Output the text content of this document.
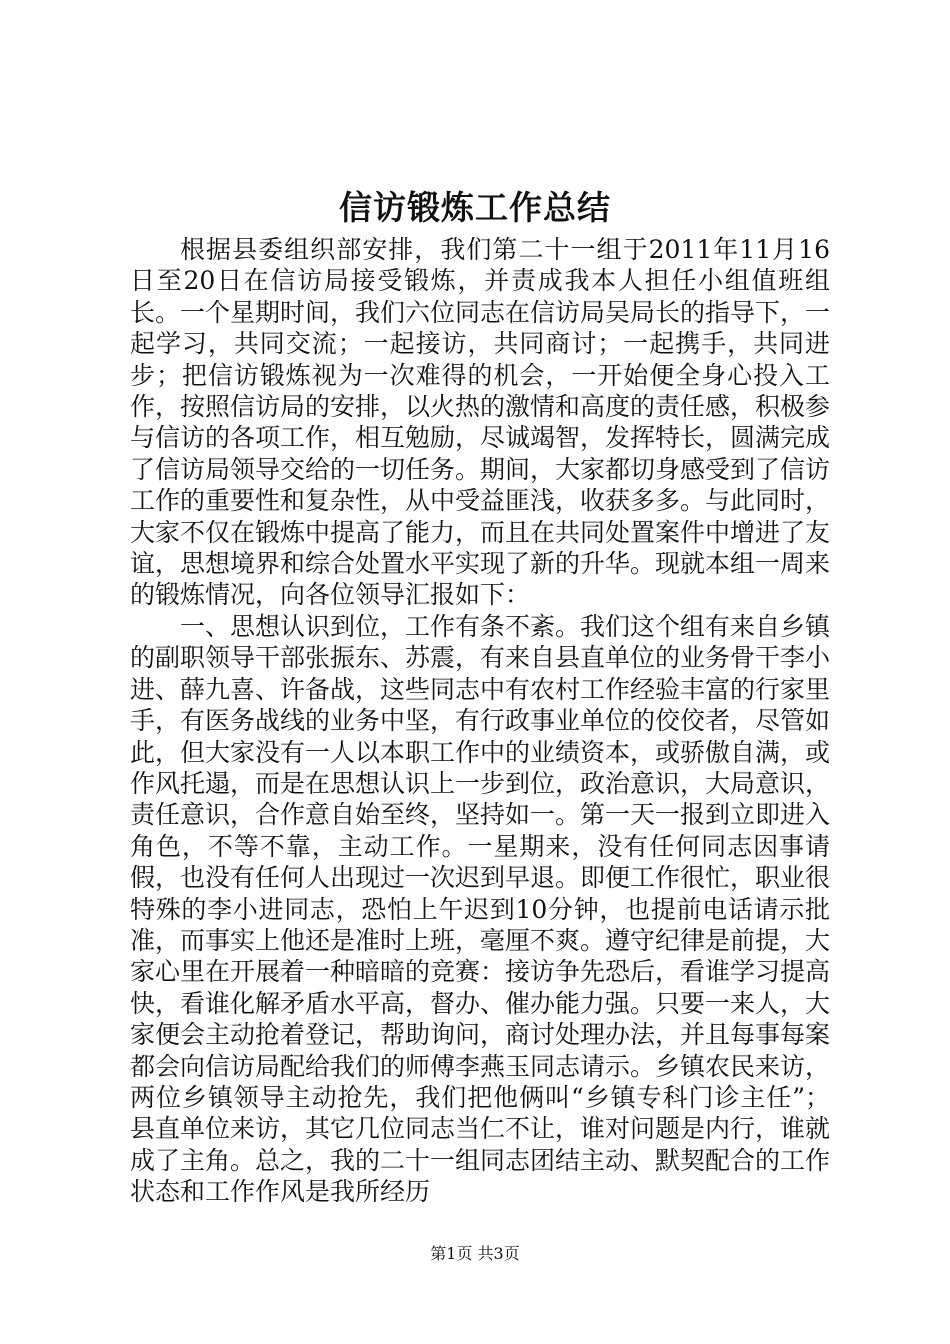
信访锻炼工作总结

根据县委组织部安排，我们第二十一组于2011年11月16日至20日在信访局接受锻炼，并责成我本人担任小组值班组长。一个星期时间，我们六位同志在信访局吴局长的指导下，一起学习，共同交流；一起接访，共同商讨；一起携手，共同进步；把信访锻炼视为一次难得的机会，一开始便全身心投入工作，按照信访局的安排，以火热的激情和高度的责任感，积极参与信访的各项工作，相互勉励，尽诚竭智，发挥特长，圆满完成了信访局领导交给的一切任务。期间，大家都切身感受到了信访工作的重要性和复杂性，从中受益匪浅，收获多多。与此同时，大家不仅在锻炼中提高了能力，而且在共同处置案件中增进了友谊，思想境界和综合处置水平实现了新的升华。现就本组一周来的锻炼情况，向各位领导汇报如下：

一、思想认识到位，工作有条不紊。我们这个组有来自乡镇的副职领导干部张振东、苏震，有来自县直单位的业务骨干李小进、薛九喜、许备战，这些同志中有农村工作经验丰富的行家里手，有医务战线的业务中坚，有行政事业单位的佼佼者，尽管如此，但大家没有一人以本职工作中的业绩资本，或骄傲自满，或作风托遢，而是在思想认识上一步到位，政治意识，大局意识，责任意识，合作意自始至终，坚持如一。第一天一报到立即进入角色，不等不靠，主动工作。一星期来，没有任何同志因事请假，也没有任何人出现过一次迟到早退。即便工作很忙，职业很特殊的李小进同志，恐怕上午迟到10分钟，也提前电话请示批准，而事实上他还是准时上班，毫厘不爽。遵守纪律是前提，大家心里在开展着一种暗暗的竞赛：接访争先恐后，看谁学习提高快，看谁化解矛盾水平高，督办、催办能力强。只要一来人，大家便会主动抢着登记，帮助询问，商讨处理办法，并且每事每案都会向信访局配给我们的师傅李燕玉同志请示。乡镇农民来访，两位乡镇领导主动抢先，我们把他俩叫“乡镇专科门诊主任”；县直单位来访，其它几位同志当仁不让，谁对问题是内行，谁就成了主角。总之，我的二十一组同志团结主动、默契配合的工作状态和工作作风是我所经历

第1页 共3页
